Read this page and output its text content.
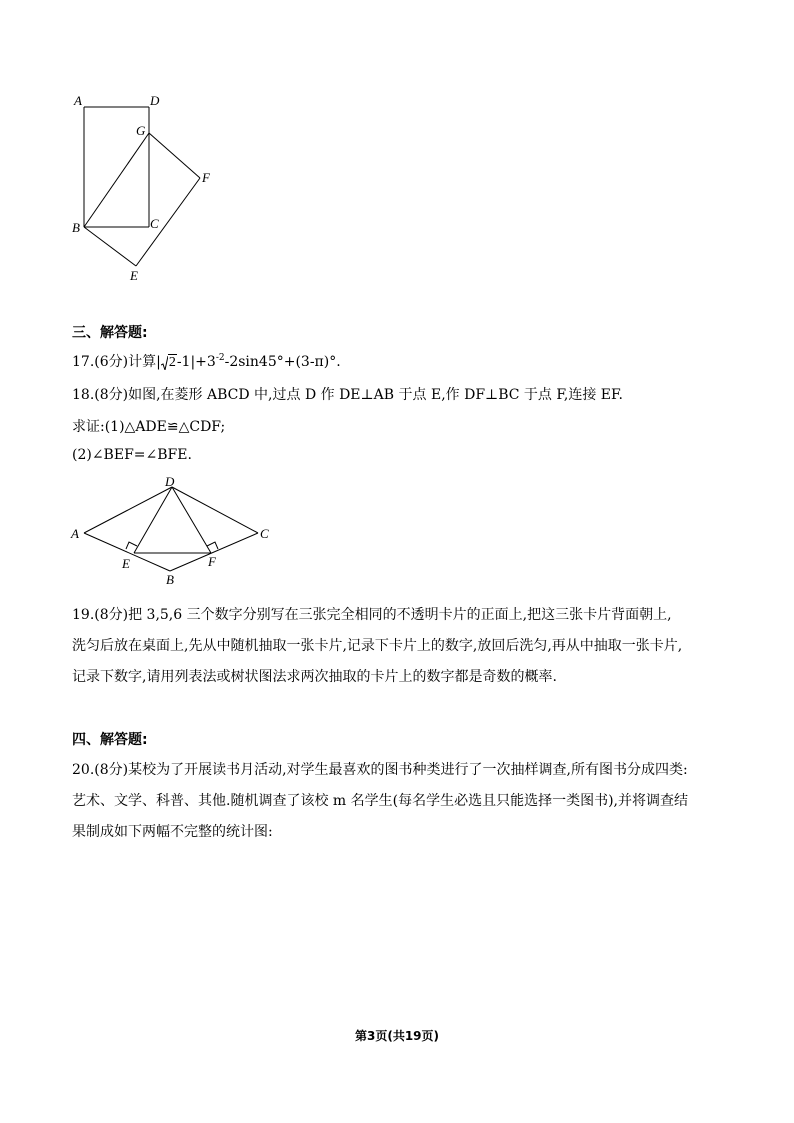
A	D
G
F
B	C
E
三、解答题:
17.(6分)计算| $2-1|+3^{-2}-2\sin 45^\circ+(3-\pi)^\circ$.
18.(8分)如图,在菱形 ABCD 中,过点 D 作 DE⊥AB 于点 E,作 DF⊥BC 于点 F,连接 EF.
求证:(1)△ADE≌△CDF;
(2)∠BEF=∠BFE.
D
A	C
E	F
B
19.(8分)把 3,5,6 三个数字分别写在三张完全相同的不透明卡片的正面上,把这三张卡片背面朝上,
洗匀后放在桌面上,先从中随机抽取一张卡片,记录下卡片上的数字,放回后洗匀,再从中抽取一张卡片,
记录下数字,请用列表法或树状图法求两次抽取的卡片上的数字都是奇数的概率.
四、解答题:
20.(8分)某校为了开展读书月活动,对学生最喜欢的图书种类进行了一次抽样调查,所有图书分成四类:
艺术、文学、科普、其他.随机调查了该校 m 名学生(每名学生必选且只能选择一类图书),并将调查结
果制成如下两幅不完整的统计图:
第3页(共19页)
